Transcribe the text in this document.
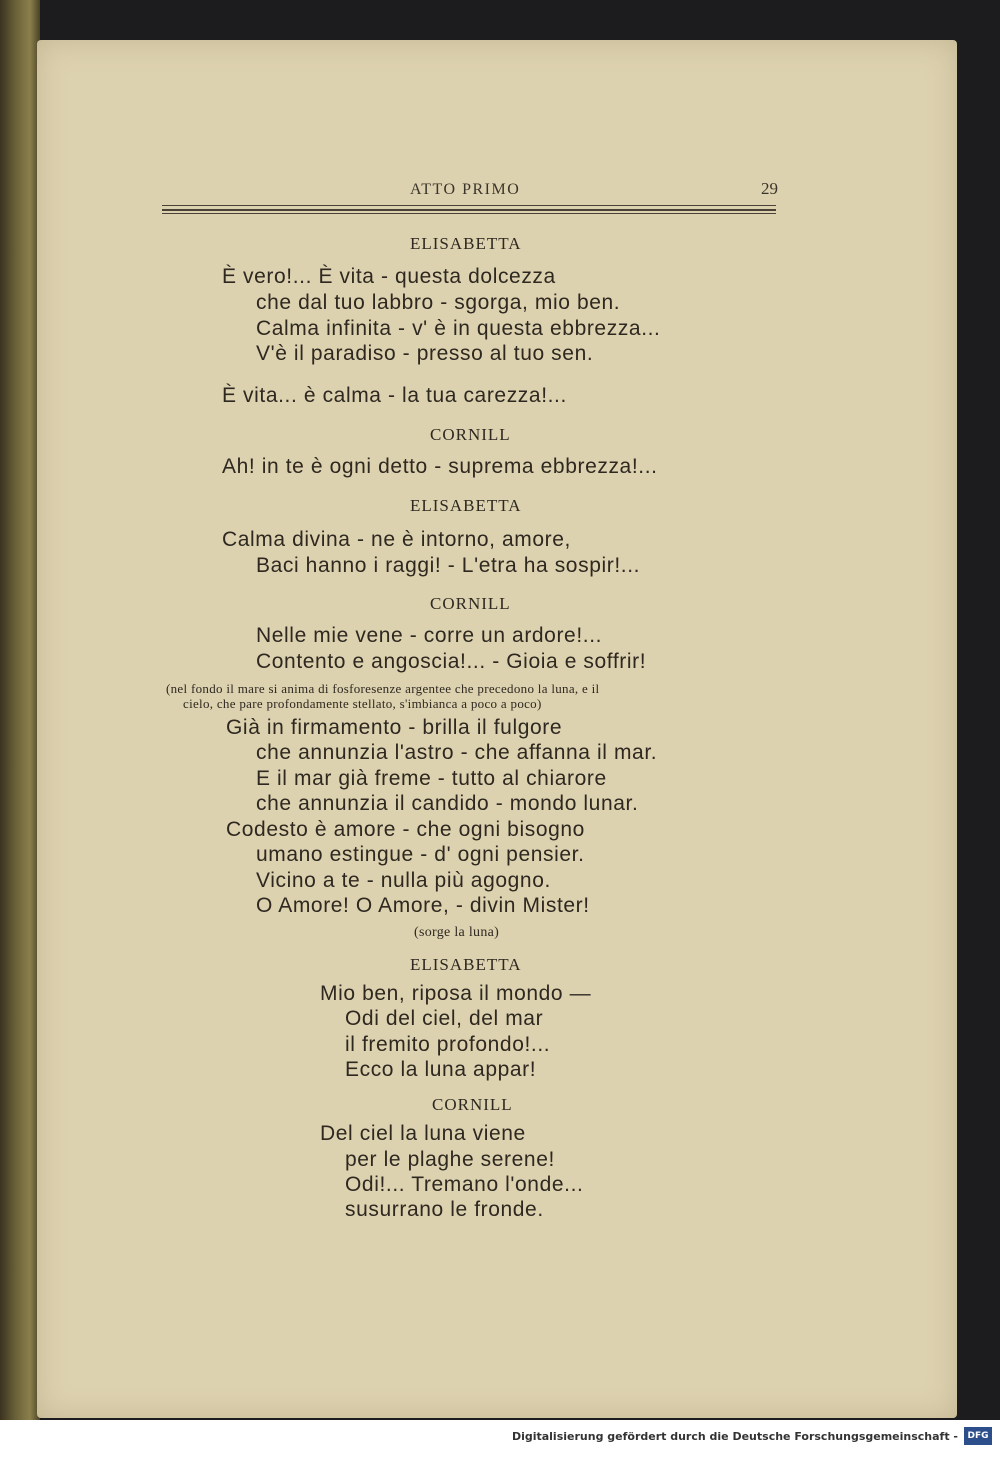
ATTO PRIMO	29
ELISABETTA
È vero!... È vita - questa dolcezza
che dal tuo labbro - sgorga, mio ben.
Calma infinita - v' è in questa ebbrezza...
V'è il paradiso - presso al tuo sen.
È vita... è calma - la tua carezza!...
CORNILL
Ah! in te è ogni detto - suprema ebbrezza!...
ELISABETTA
Calma divina - ne è intorno, amore,
Baci hanno i raggi! - L'etra ha sospir!...
CORNILL
Nelle mie vene - corre un ardore!...
Contento e angoscia!... - Gioia e soffrir!
(nel fondo il mare si anima di fosforesenze argentee che precedono la luna, e il
cielo, che pare profondamente stellato, s'imbianca a poco a poco)
Già in firmamento - brilla il fulgore
che annunzia l'astro - che affanna il mar.
E il mar già freme - tutto al chiarore
che annunzia il candido - mondo lunar.
Codesto è amore - che ogni bisogno
umano estingue - d' ogni pensier.
Vicino a te - nulla più agogno.
O Amore! O Amore, - divin Mister!
(sorge la luna)
ELISABETTA
Mio ben, riposa il mondo —
Odi del ciel, del mar
il fremito profondo!...
Ecco la luna appar!
CORNILL
Del ciel la luna viene
per le plaghe serene!
Odi!... Tremano l'onde...
susurrano le fronde.
Digitalisierung gefördert durch die Deutsche Forschungsgemeinschaft -	DFG
